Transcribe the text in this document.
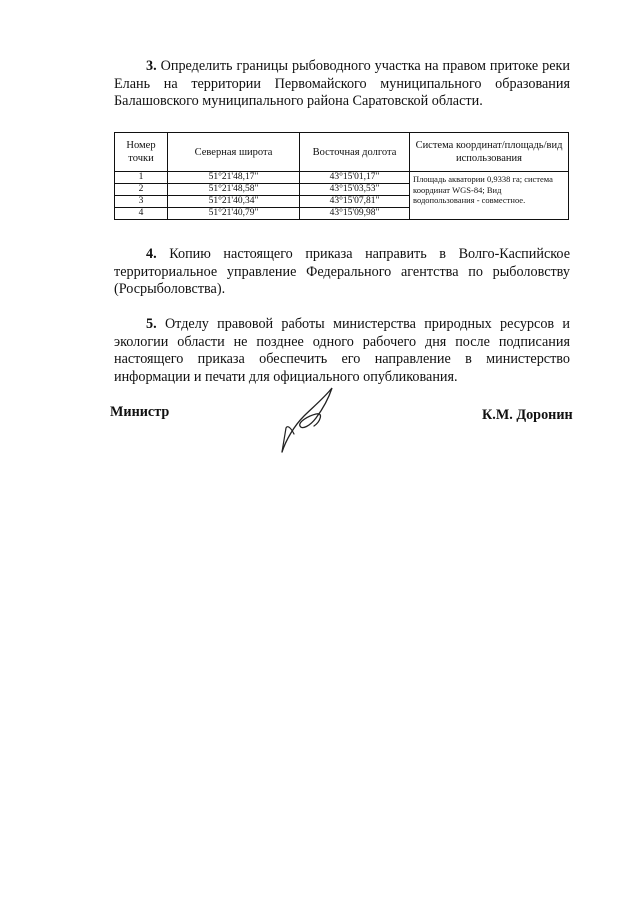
3. Определить границы рыбоводного участка на правом притоке реки Елань на территории Первомайского муниципального образования Балашовского муниципального района Саратовской области.

Номер точки	Северная широта	Восточная долгота	Система координат/площадь/вид использования
1	51°21'48,17"	43°15'01,17"	Площадь акватории 0,9338 га; система координат WGS-84; Вид водопользования - совместное.
2	51°21'48,58"	43°15'03,53"	
3	51°21'40,34"	43°15'07,81"	
4	51°21'40,79"	43°15'09,98"	

4. Копию настоящего приказа направить в Волго-Каспийское территориальное управление Федерального агентства по рыболовству (Росрыболовства).

5. Отделу правовой работы министерства природных ресурсов и экологии области не позднее одного рабочего дня после подписания настоящего приказа обеспечить его направление в министерство информации и печати для официального опубликования.

Министр	К.М. Доронин
